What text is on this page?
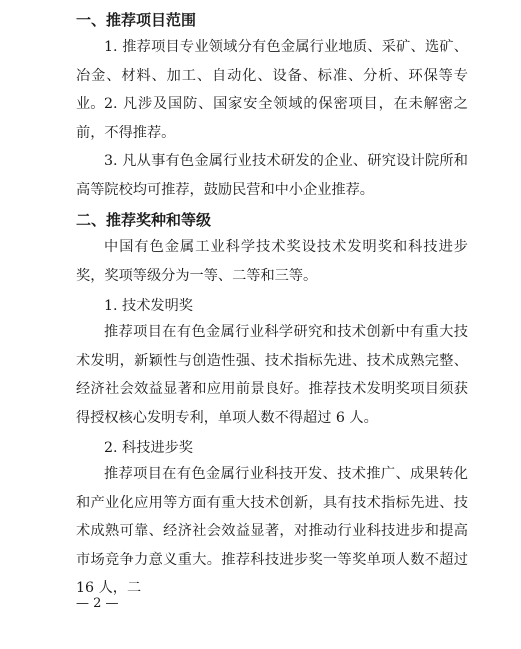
一、推荐项目范围

1. 推荐项目专业领域分有色金属行业地质、采矿、选矿、冶金、材料、加工、自动化、设备、标准、分析、环保等专业。 2. 凡涉及国防、国家安全领域的保密项目，在未解密之前，不得推荐。

3. 凡从事有色金属行业技术研发的企业、研究设计院所和高等院校均可推荐，鼓励民营和中小企业推荐。

二、推荐奖种和等级

中国有色金属工业科学技术奖设技术发明奖和科技进步奖，奖项等级分为一等、二等和三等。

1. 技术发明奖

推荐项目在有色金属行业科学研究和技术创新中有重大技术发明，新颖性与创造性强、技术指标先进、技术成熟完整、经济社会效益显著和应用前景良好。推荐技术发明奖项目须获得授权核心发明专利，单项人数不得超过 6 人。

2. 科技进步奖

推荐项目在有色金属行业科技开发、技术推广、成果转化和产业化应用等方面有重大技术创新，具有技术指标先进、技术成熟可靠、经济社会效益显著，对推动行业科技进步和提高市场竞争力意义重大。推荐科技进步奖一等奖单项人数不超过 16 人，二

— 2 —
